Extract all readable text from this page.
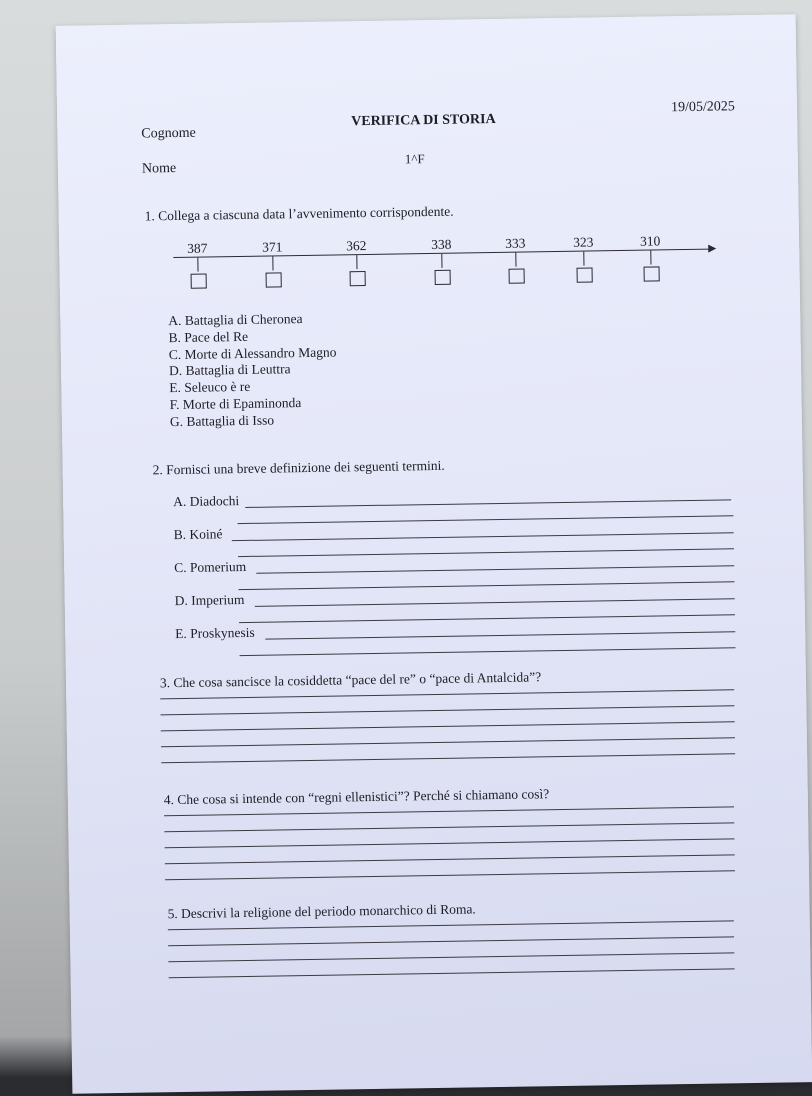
19/05/2025
Cognome
VERIFICA DI STORIA
1^F
Nome
1. Collega a ciascuna data l’avvenimento corrispondente.
387	371	362	338	333	323	310
A. Battaglia di Cheronea
B. Pace del Re
C. Morte di Alessandro Magno
D. Battaglia di Leuttra
E. Seleuco è re
F. Morte di Epaminonda
G. Battaglia di Isso
2. Fornisci una breve definizione dei seguenti termini.
A. Diadochi
B. Koiné
C. Pomerium
D. Imperium
E. Proskynesis
3. Che cosa sancisce la cosiddetta “pace del re” o “pace di Antalcida”?
4. Che cosa si intende con “regni ellenistici”? Perché si chiamano così?
5. Descrivi la religione del periodo monarchico di Roma.
